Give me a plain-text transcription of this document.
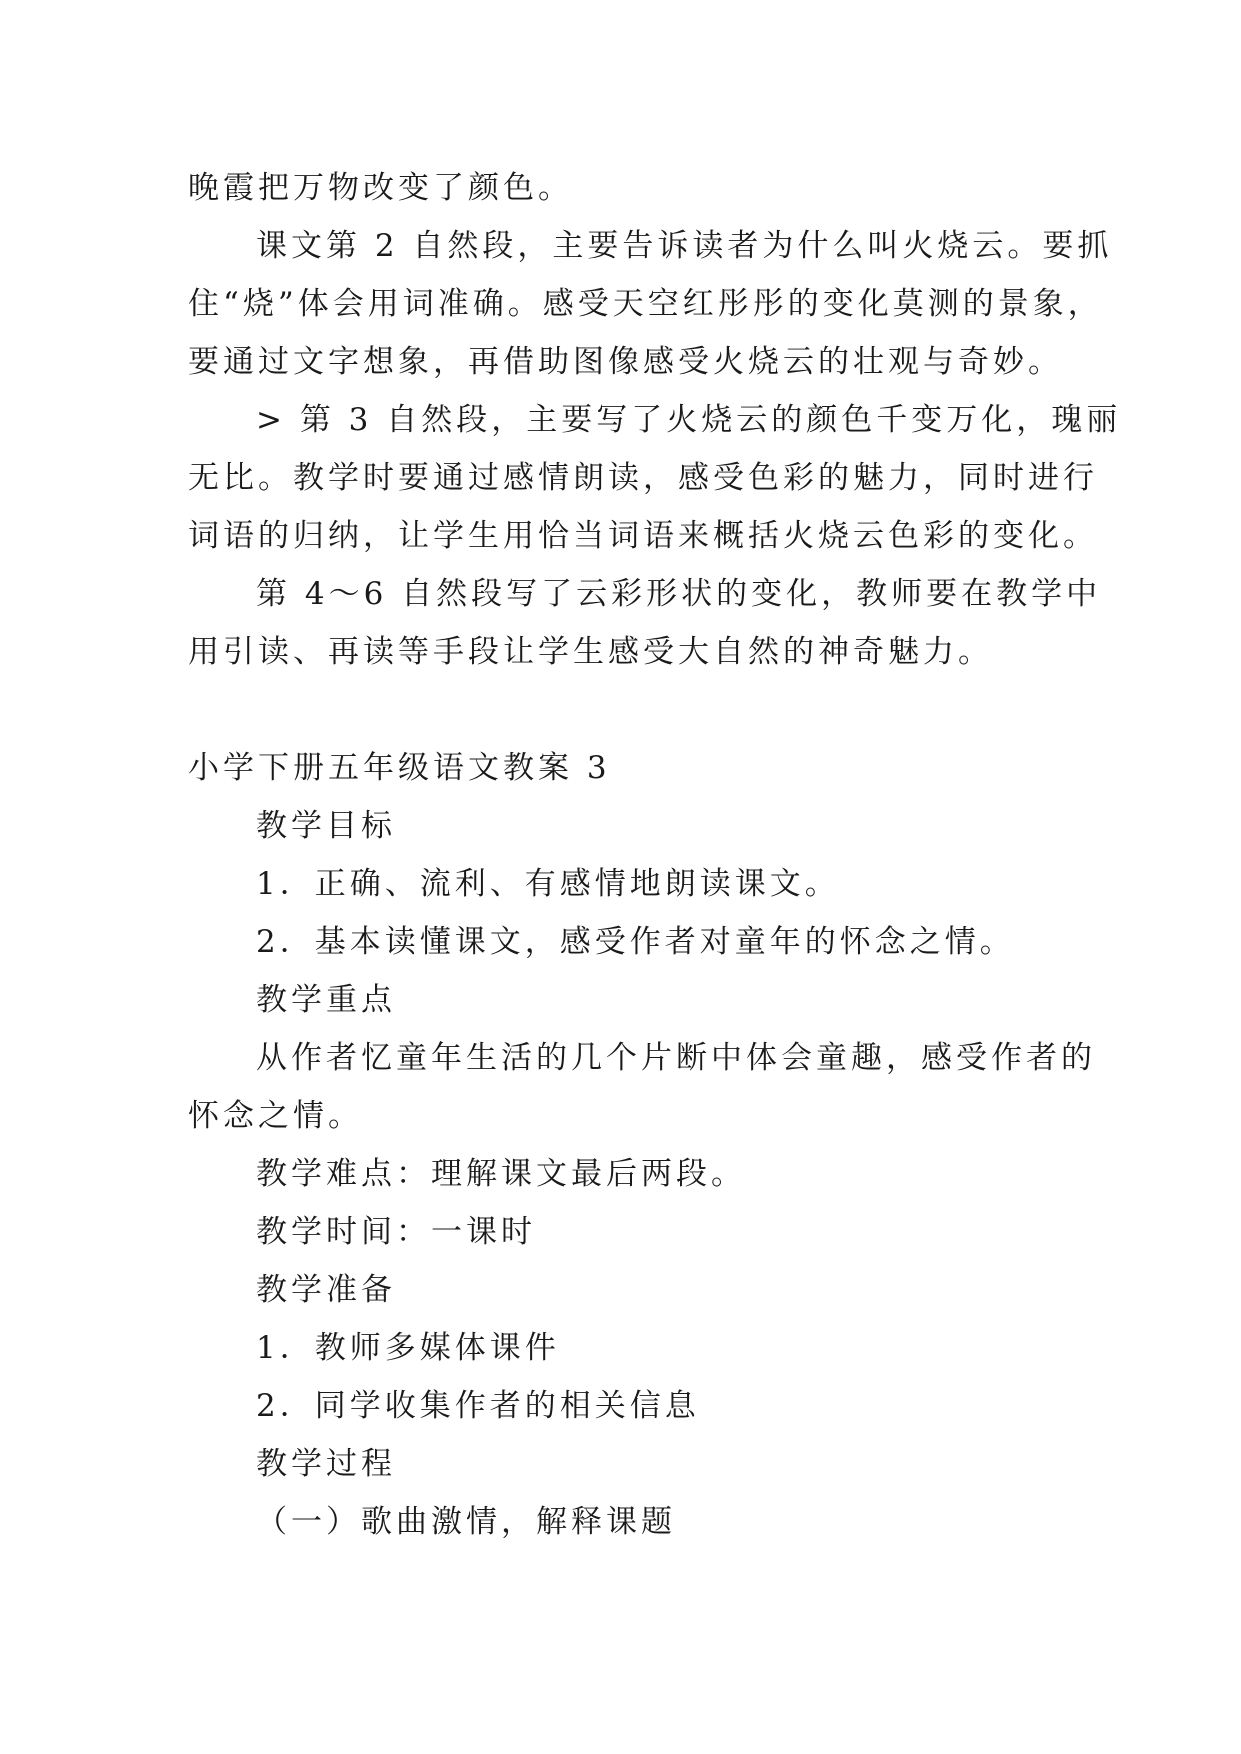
晚霞把万物改变了颜色。
课文第 2 自然段，主要告诉读者为什么叫火烧云。要抓
住“烧”体会用词准确。感受天空红彤彤的变化莫测的景象，
要通过文字想象，再借助图像感受火烧云的壮观与奇妙。
> 第 3 自然段，主要写了火烧云的颜色千变万化，瑰丽
无比。教学时要通过感情朗读，感受色彩的魅力，同时进行
词语的归纳，让学生用恰当词语来概括火烧云色彩的变化。
第 4～6 自然段写了云彩形状的变化，教师要在教学中
用引读、再读等手段让学生感受大自然的神奇魅力。
小学下册五年级语文教案 3
教学目标
1．正确、流利、有感情地朗读课文。
2．基本读懂课文，感受作者对童年的怀念之情。
教学重点
从作者忆童年生活的几个片断中体会童趣，感受作者的
怀念之情。
教学难点：理解课文最后两段。
教学时间：一课时
教学准备
1．教师多媒体课件
2．同学收集作者的相关信息
教学过程
（一）歌曲激情，解释课题
